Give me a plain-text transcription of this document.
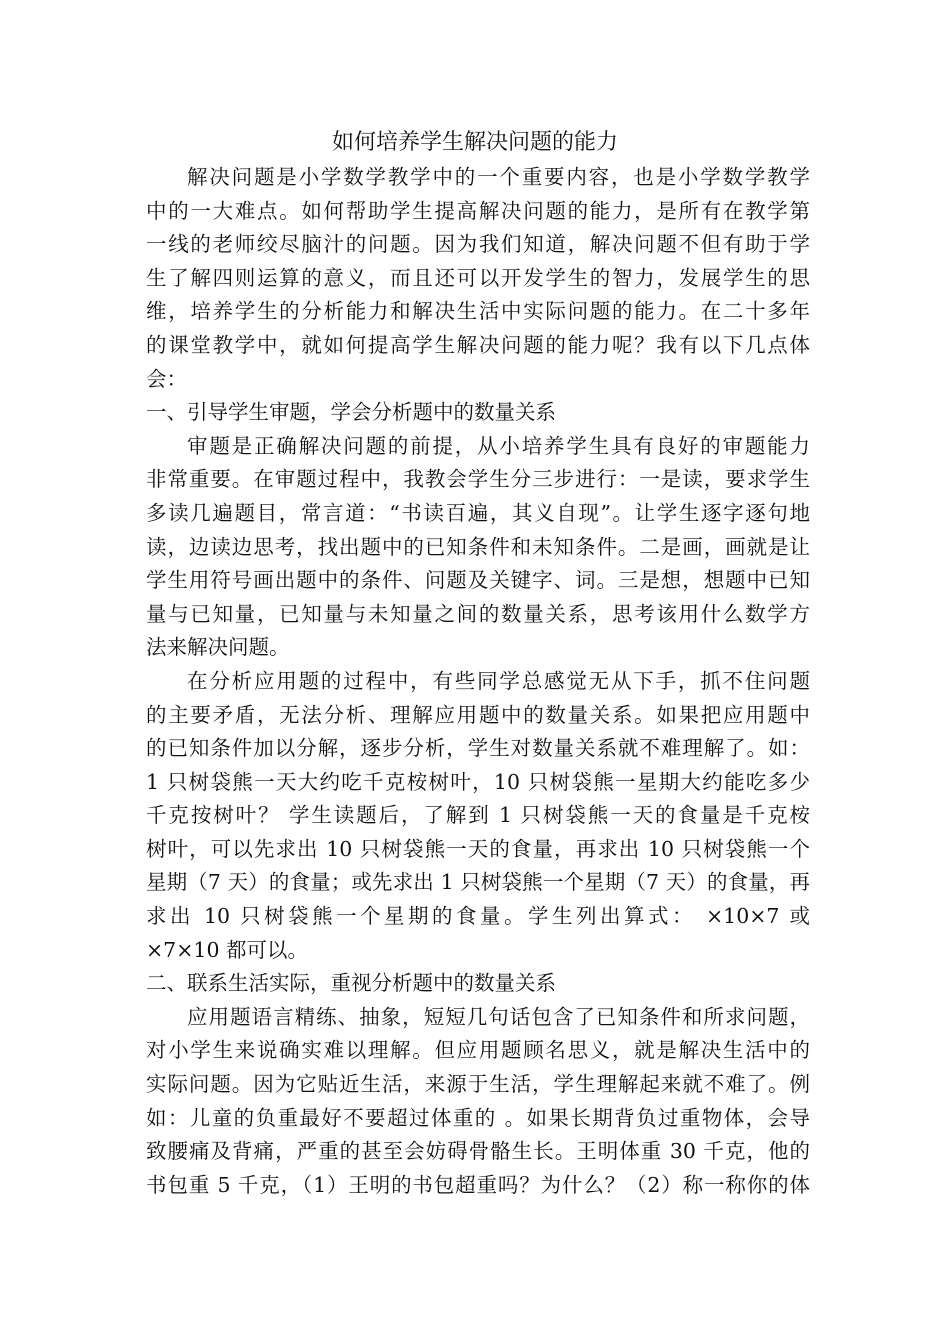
如何培养学生解决问题的能力
解决问题是小学数学教学中的一个重要内容，也是小学数学教学
中的一大难点。如何帮助学生提高解决问题的能力，是所有在教学第
一线的老师绞尽脑汁的问题。因为我们知道，解决问题不但有助于学
生了解四则运算的意义，而且还可以开发学生的智力，发展学生的思
维，培养学生的分析能力和解决生活中实际问题的能力。在二十多年
的课堂教学中，就如何提高学生解决问题的能力呢？我有以下几点体
会：
一、引导学生审题，学会分析题中的数量关系
审题是正确解决问题的前提，从小培养学生具有良好的审题能力
非常重要。在审题过程中，我教会学生分三步进行：一是读，要求学生
多读几遍题目，常言道：“书读百遍，其义自现”。让学生逐字逐句地
读，边读边思考，找出题中的已知条件和未知条件。二是画，画就是让
学生用符号画出题中的条件、问题及关键字、词。三是想，想题中已知
量与已知量，已知量与未知量之间的数量关系，思考该用什么数学方
法来解决问题。
在分析应用题的过程中，有些同学总感觉无从下手，抓不住问题
的主要矛盾，无法分析、理解应用题中的数量关系。如果把应用题中
的已知条件加以分解，逐步分析，学生对数量关系就不难理解了。如：
1 只树袋熊一天大约吃千克桉树叶，10 只树袋熊一星期大约能吃多少
千克按树叶？ 学生读题后，了解到 1 只树袋熊一天的食量是千克桉
树叶，可以先求出 10 只树袋熊一天的食量，再求出 10 只树袋熊一个
星期（7 天）的食量；或先求出 1 只树袋熊一个星期（7 天）的食量，再
求出 10 只树袋熊一个星期的食量。学生列出算式： ×10×7 或
×7×10 都可以。
二、联系生活实际，重视分析题中的数量关系
应用题语言精练、抽象，短短几句话包含了已知条件和所求问题，
对小学生来说确实难以理解。但应用题顾名思义，就是解决生活中的
实际问题。因为它贴近生活，来源于生活，学生理解起来就不难了。例
如：儿童的负重最好不要超过体重的 。如果长期背负过重物体，会导
致腰痛及背痛，严重的甚至会妨碍骨骼生长。王明体重 30 千克，他的
书包重 5 千克，（1）王明的书包超重吗？为什么？（2）称一称你的体
